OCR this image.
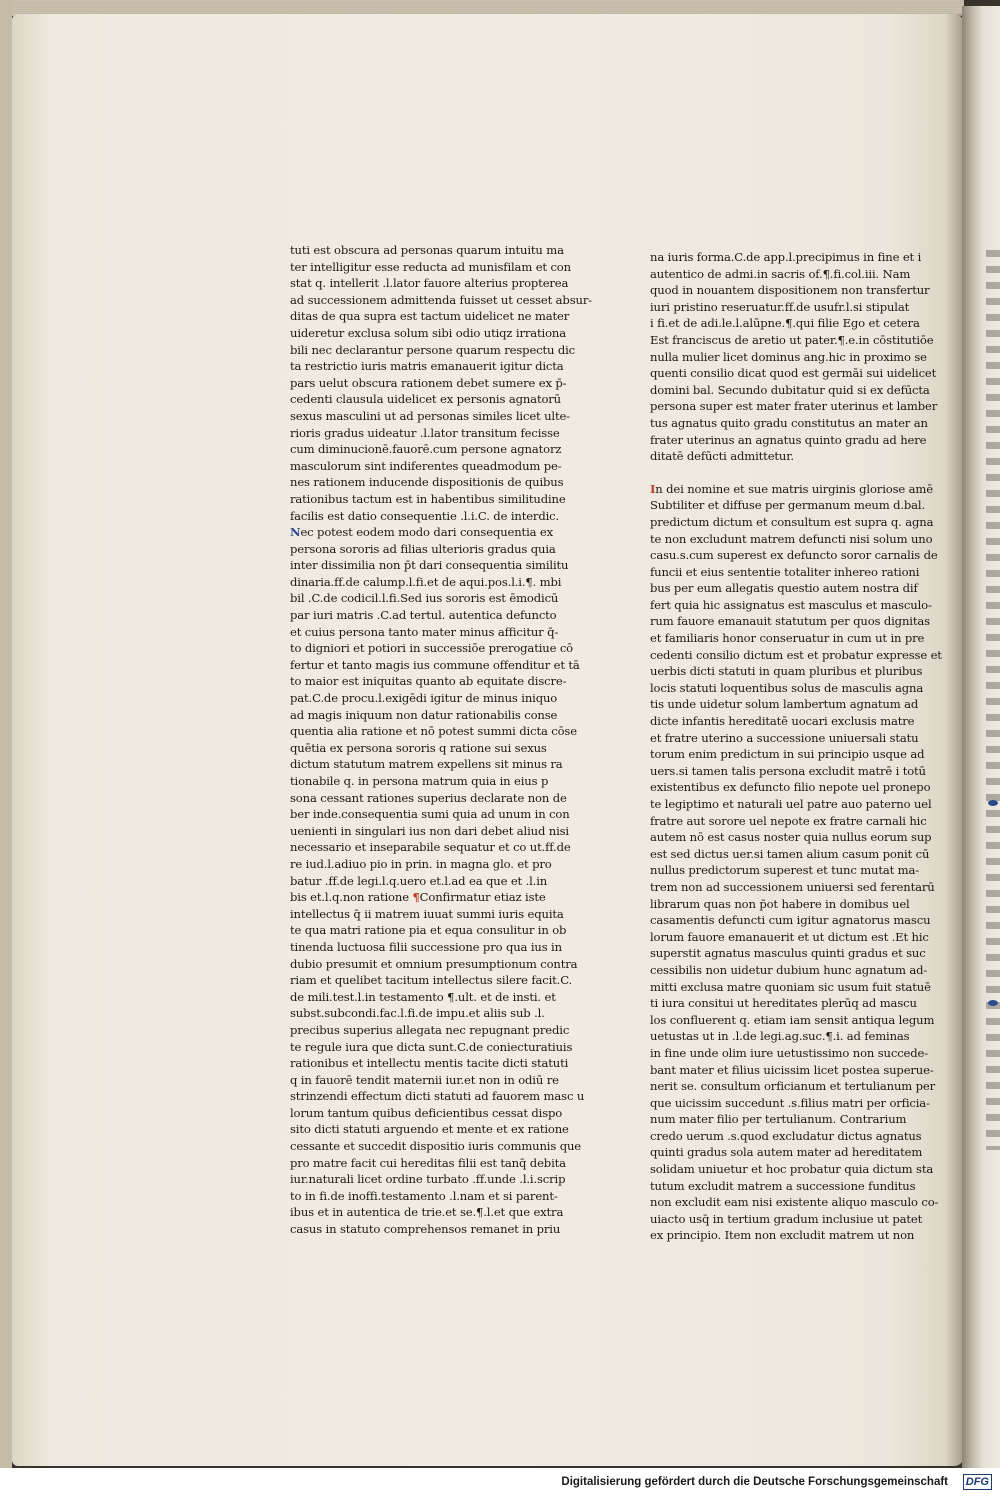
tuti est obscura ad personas quarum intuitu ma
ter intelligitur esse reducta ad munisfilam et con
stat q. intellerit .l.lator fauore alterius propterea
ad successionem admittenda fuisset ut cesset absur-
ditas de qua supra est tactum uidelicet ne mater
uideretur exclusa solum sibi odio utiqz irrationa
bili nec declarantur persone quarum respectu dic
ta restrictio iuris matris emanauerit igitur dicta
pars uelut obscura rationem debet sumere ex p̄-
cedenti clausula uidelicet ex personis agnatorū
sexus masculini ut ad personas similes licet ulte-
rioris gradus uideatur .l.lator transitum fecisse
cum diminucionē.fauorē.cum persone agnatorz
masculorum sint indiferentes queadmodum pe-
nes rationem inducende dispositionis de quibus
rationibus tactum est in habentibus similitudine
facilis est datio consequentie .l.i.C. de interdic.
Nec potest eodem modo dari consequentia ex
persona sororis ad filias ulterioris gradus quia
inter dissimilia non p̄t dari consequentia similitu
dinaria.ff.de calump.l.fi.et de aqui.pos.l.i.¶. mbi
bil .C.de codicil.l.fi.Sed ius sororis est ēmodicū
par iuri matris .C.ad tertul. autentica defuncto
et cuius persona tanto mater minus afficitur q̄-
to digniori et potiori in successiōe prerogatiue cō
fertur et tanto magis ius commune offenditur et tā
to maior est iniquitas quanto ab equitate discre-
pat.C.de procu.l.exigēdi igitur de minus iniquo
ad magis iniquum non datur rationabilis conse
quentia alia ratione et nō potest summi dicta cōse
quētia ex persona sororis q ratione sui sexus
dictum statutum matrem expellens sit minus ra
tionabile q. in persona matrum quia in eius p
sona cessant rationes superius declarate non de
ber inde.consequentia sumi quia ad unum in con
uenienti in singulari ius non dari debet aliud nisi
necessario et inseparabile sequatur et co ut.ff.de
re iud.l.adiuo pio in prin. in magna glo. et pro
batur .ff.de legi.l.q.uero et.l.ad ea que et .l.in
bis et.l.q.non ratione ¶Confirmatur etiaz iste
intellectus q̄ ii matrem iuuat summi iuris equita
te qua matri ratione pia et equa consulitur in ob
tinenda luctuosa filii successione pro qua ius in
dubio presumit et omnium presumptionum contra
riam et quelibet tacitum intellectus silere facit.C.
de mili.test.l.in testamento ¶.ult. et de insti. et
subst.subcondi.fac.l.fi.de impu.et aliis sub .l.
precibus superius allegata nec repugnant predic
te regule iura que dicta sunt.C.de coniecturatiuis
rationibus et intellectu mentis tacite dicti statuti
q in fauorē tendit maternii iur.et non in odiū re
strinzendi effectum dicti statuti ad fauorem masc u
lorum tantum quibus deficientibus cessat dispo
sito dicti statuti arguendo et mente et ex ratione
cessante et succedit dispositio iuris communis que
pro matre facit cui hereditas filii est tanq̄ debita
iur.naturali licet ordine turbato .ff.unde .l.i.scrip
to in fi.de inoffi.testamento .l.nam et si parent-
ibus et in autentica de trie.et se.¶.l.et que extra
casus in statuto comprehensos remanet in priu
na iuris forma.C.de app.l.precipimus in fine et i
autentico de admi.in sacris of.¶.fi.col.iii. Nam
quod in nouantem dispositionem non transfertur
iuri pristino reseruatur.ff.de usufr.l.si stipulat
i fi.et de adi.le.l.alūpne.¶.qui filie Ego et cetera
Est franciscus de aretio ut pater.¶.e.in cōstitutiōe
nulla mulier licet dominus ang.hic in proximo se
quenti consilio dicat quod est germāi sui uidelicet
domini bal. Secundo dubitatur quid si ex defūcta
persona super est mater frater uterinus et lamber
tus agnatus quito gradu constitutus an mater an
frater uterinus an agnatus quinto gradu ad here
ditatē defūcti admittetur.
In dei nomine et sue matris uirginis gloriose amē
Subtiliter et diffuse per germanum meum d.bal.
predictum dictum et consultum est supra q. agna
te non excludunt matrem defuncti nisi solum uno
casu.s.cum superest ex defuncto soror carnalis de
funcii et eius sententie totaliter inhereo rationi
bus per eum allegatis questio autem nostra dif
fert quia hic assignatus est masculus et masculo-
rum fauore emanauit statutum per quos dignitas
et familiaris honor conseruatur in cum ut in pre
cedenti consilio dictum est et probatur expresse et
uerbis dicti statuti in quam pluribus et pluribus
locis statuti loquentibus solus de masculis agna
tis unde uidetur solum lambertum agnatum ad
dicte infantis hereditatē uocari exclusis matre
et fratre uterino a successione uniuersali statu
torum enim predictum in sui principio usque ad
uers.si tamen talis persona excludit matrē i totū
existentibus ex defuncto filio nepote uel pronepo
te legiptimo et naturali uel patre auo paterno uel
fratre aut sorore uel nepote ex fratre carnali hic
autem nō est casus noster quia nullus eorum sup
est sed dictus uer.si tamen alium casum ponit cū
nullus predictorum superest et tunc mutat ma-
trem non ad successionem uniuersi sed ferentarū
librarum quas non p̄ot habere in domibus uel
casamentis defuncti cum igitur agnatorus mascu
lorum fauore emanauerit et ut dictum est .Et hic
superstit agnatus masculus quinti gradus et suc
cessibilis non uidetur dubium hunc agnatum ad-
mitti exclusa matre quoniam sic usum fuit statuē
ti iura consitui ut hereditates plerūq ad mascu
los confluerent q. etiam iam sensit antiqua legum
uetustas ut in .l.de legi.ag.suc.¶.i. ad feminas
in fine unde olim iure uetustissimo non succede-
bant mater et filius uicissim licet postea superue-
nerit se. consultum orficianum et tertulianum per
que uicissim succedunt .s.filius matri per orficia-
num mater filio per tertulianum. Contrarium
credo uerum .s.quod excludatur dictus agnatus
quinti gradus sola autem mater ad hereditatem
solidam uniuetur et hoc probatur quia dictum sta
tutum excludit matrem a successione funditus
non excludit eam nisi existente aliquo masculo co-
uiacto usq̄ in tertium gradum inclusiue ut patet
ex principio. Item non excludit matrem ut non
Digitalisierung gefördert durch die Deutsche Forschungsgemeinschaft DFG
